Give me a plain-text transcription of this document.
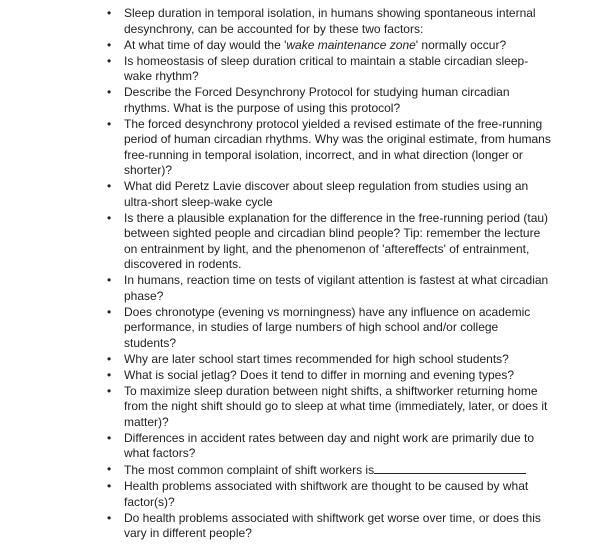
• Sleep duration in temporal isolation, in humans showing spontaneous internal desynchrony, can be accounted for by these two factors:
• At what time of day would the 'wake maintenance zone' normally occur?
• Is homeostasis of sleep duration critical to maintain a stable circadian sleep-wake rhythm?
• Describe the Forced Desynchrony Protocol for studying human circadian rhythms. What is the purpose of using this protocol?
• The forced desynchrony protocol yielded a revised estimate of the free-running period of human circadian rhythms. Why was the original estimate, from humans free-running in temporal isolation, incorrect, and in what direction (longer or shorter)?
• What did Peretz Lavie discover about sleep regulation from studies using an ultra-short sleep-wake cycle
• Is there a plausible explanation for the difference in the free-running period (tau) between sighted people and circadian blind people? Tip: remember the lecture on entrainment by light, and the phenomenon of 'aftereffects' of entrainment, discovered in rodents.
• In humans, reaction time on tests of vigilant attention is fastest at what circadian phase?
• Does chronotype (evening vs morningness) have any influence on academic performance, in studies of large numbers of high school and/or college students?
• Why are later school start times recommended for high school students?
• What is social jetlag? Does it tend to differ in morning and evening types?
• To maximize sleep duration between night shifts, a shiftworker returning home from the night shift should go to sleep at what time (immediately, later, or does it matter)?
• Differences in accident rates between day and night work are primarily due to what factors?
• The most common complaint of shift workers is
• Health problems associated with shiftwork are thought to be caused by what factor(s)?
• Do health problems associated with shiftwork get worse over time, or does this vary in different people?
